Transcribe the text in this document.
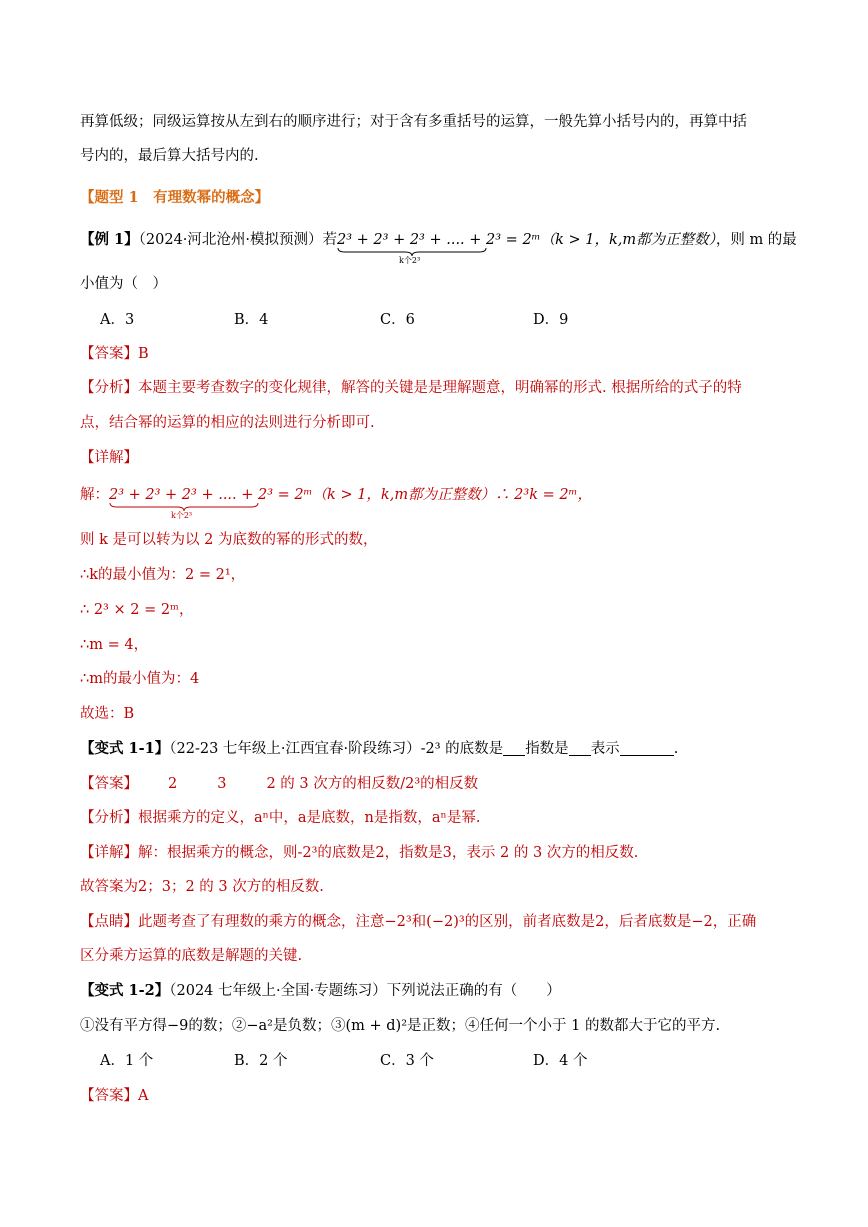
再算低级；同级运算按从左到右的顺序进行；对于含有多重括号的运算，一般先算小括号内的，再算中括
号内的，最后算大括号内的.
【题型 1　有理数幂的概念】
【例 1】（2024·河北沧州·模拟预测）若2³ + 2³ + 2³ + .... + 2³
k个2³
= 2ᵐ（k > 1，k,m都为正整数），则 m 的最
小值为（　）
A．3	B．4	C．6	D．9
【答案】B
【分析】本题主要考查数字的变化规律，解答的关键是是理解题意，明确幂的形式. 根据所给的式子的特
点，结合幂的运算的相应的法则进行分析即可.
【详解】
解：2³ + 2³ + 2³ + .... + 2³
k个2³
= 2ᵐ（k > 1，k,m都为正整数）∴ 2³k = 2ᵐ，
则 k 是可以转为以 2 为底数的幂的形式的数，
∴k的最小值为：2 = 2¹，
∴ 2³ × 2 = 2ᵐ，
∴m = 4，
∴m的最小值为：4
故选：B
【变式 1-1】（22-23 七年级上·江西宜春·阶段练习）-2³ 的底数是 指数是 表示	.
【答案】 2	3	2 的 3 次方的相反数/2³的相反数
【分析】根据乘方的定义，aⁿ中，a是底数，n是指数，aⁿ是幂.
【详解】解：根据乘方的概念，则-2³的底数是2，指数是3，表示 2 的 3 次方的相反数.
故答案为2；3；2 的 3 次方的相反数.
【点睛】此题考查了有理数的乘方的概念，注意−2³和(−2)³的区别，前者底数是2，后者底数是−2，正确
区分乘方运算的底数是解题的关键.
【变式 1-2】（2024 七年级上·全国·专题练习）下列说法正确的有（　　）
①没有平方得−9的数；②−a²是负数；③(m + d)²是正数；④任何一个小于 1 的数都大于它的平方.
A．1 个	B．2 个	C．3 个	D．4 个
【答案】A
